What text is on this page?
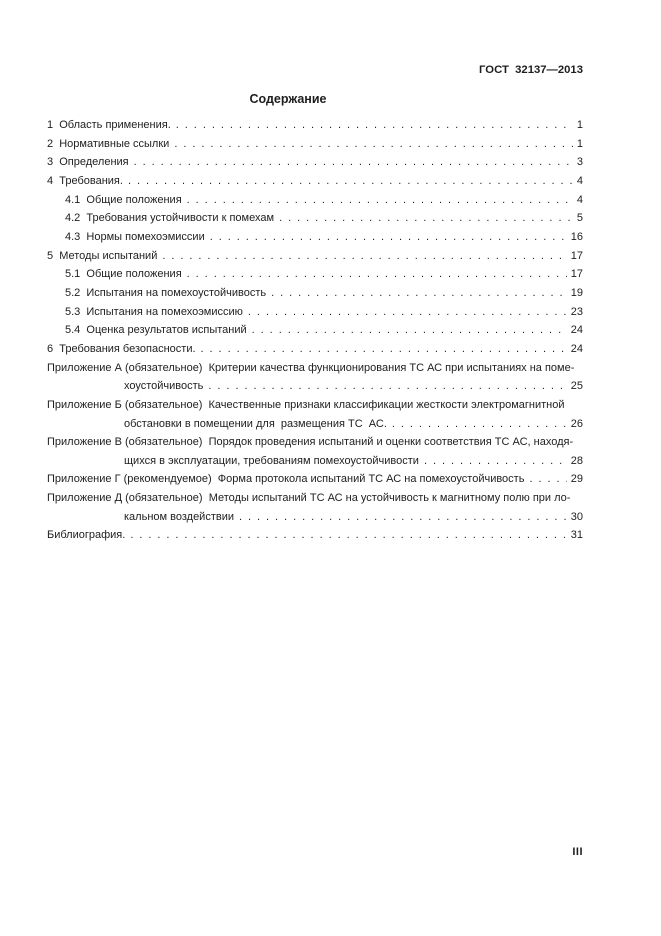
ГОСТ  32137—2013
Содержание
1  Область применения. . . .	1
2  Нормативные ссылки . . .	1
3  Определения . . .	3
4  Требования. . . .	4
4.1  Общие положения . . .	4
4.2  Требования устойчивости к помехам . . .	5
4.3  Нормы помехоэмиссии . . .	16
5  Методы испытаний . . .	17
5.1  Общие положения . . .	17
5.2  Испытания на помехоустойчивость . . .	19
5.3  Испытания на помехоэмиссию . . .	23
5.4  Оценка результатов испытаний . . .	24
6  Требования безопасности. . . .	24
Приложение А (обязательное)  Критерии качества функционирования ТС АС при испытаниях на поме-
хоустойчивость . . .	25
Приложение Б (обязательное)  Качественные признаки классификации жесткости электромагнитной
обстановки в помещении для  размещения ТС  АС. . . .	26
Приложение В (обязательное)  Порядок проведения испытаний и оценки соответствия ТС АС, находя-
щихся в эксплуатации, требованиям помехоустойчивости . . .	28
Приложение Г (рекомендуемое)  Форма протокола испытаний ТС АС на помехоустойчивость . . .	29
Приложение Д (обязательное)  Методы испытаний ТС АС на устойчивость к магнитному полю при ло-
кальном воздействии . . .	30
Библиография. . . .	31
III
